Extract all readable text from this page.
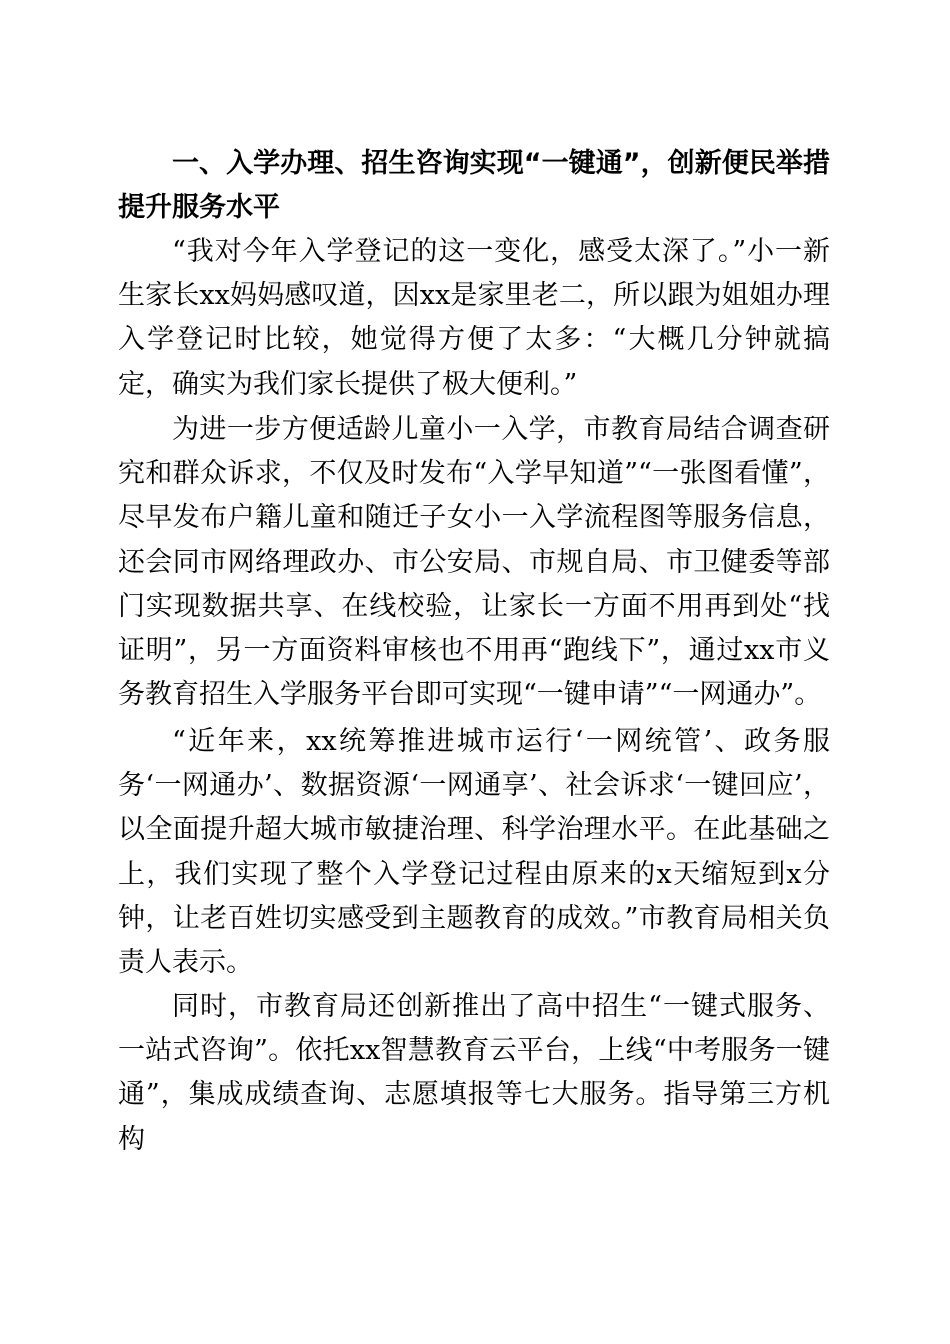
一、入学办理、招生咨询实现“一键通”，创新便民举措提升服务水平

“我对今年入学登记的这一变化，感受太深了。”小一新生家长xx妈妈感叹道，因xx是家里老二，所以跟为姐姐办理入学登记时比较，她觉得方便了太多：“大概几分钟就搞定，确实为我们家长提供了极大便利。”

为进一步方便适龄儿童小一入学，市教育局结合调查研究和群众诉求，不仅及时发布“入学早知道”“一张图看懂”，尽早发布户籍儿童和随迁子女小一入学流程图等服务信息，还会同市网络理政办、市公安局、市规自局、市卫健委等部门实现数据共享、在线校验，让家长一方面不用再到处“找证明”，另一方面资料审核也不用再“跑线下”，通过xx市义务教育招生入学服务平台即可实现“一键申请”“一网通办”。

“近年来，xx统筹推进城市运行‘一网统管’、政务服务‘一网通办’、数据资源‘一网通享’、社会诉求‘一键回应’，以全面提升超大城市敏捷治理、科学治理水平。在此基础之上，我们实现了整个入学登记过程由原来的x天缩短到x分钟，让老百姓切实感受到主题教育的成效。”市教育局相关负责人表示。

同时，市教育局还创新推出了高中招生“一键式服务、一站式咨询”。依托xx智慧教育云平台，上线“中考服务一键通”，集成成绩查询、志愿填报等七大服务。指导第三方机构
